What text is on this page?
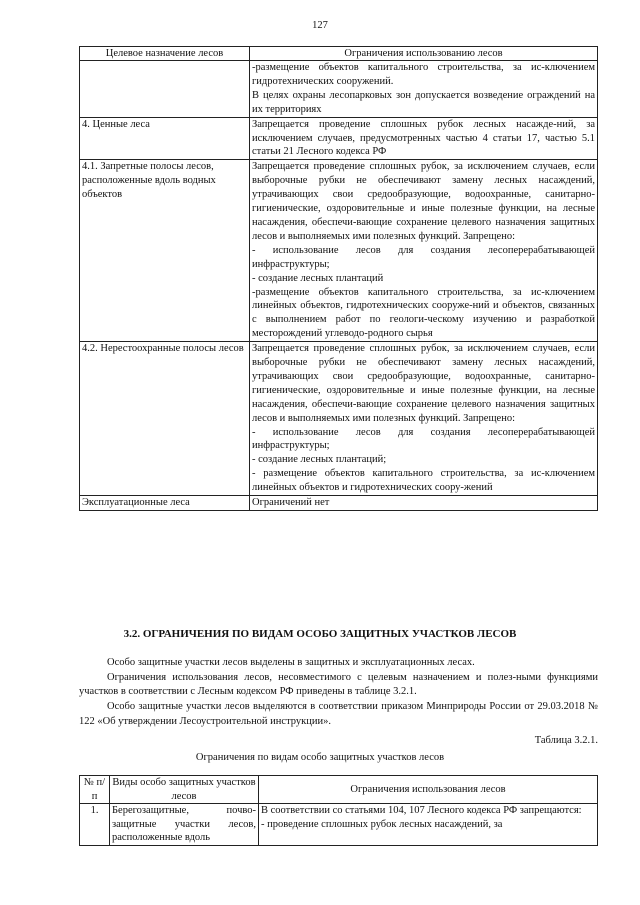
127
Целевое назначение лесов	Ограничения использованию лесов

	-размещение объектов капитального строительства, за ис-ключением гидротехнических сооружений.

В целях охраны лесопарковых зон допускается возведение ограждений на их территориях

4. Ценные леса	Запрещается проведение сплошных рубок лесных насажде-ний, за исключением случаев, предусмотренных частью 4 статьи 17, частью 5.1 статьи 21 Лесного кодекса РФ

4.1. Запретные полосы лесов, расположенные вдоль водных объектов	Запрещается проведение сплошных рубок, за исключением случаев, если выборочные рубки не обеспечивают замену лесных насаждений, утрачивающих свои средообразующие, водоохранные, санитарно-гигиенические, оздоровительные и иные полезные функции, на лесные насаждения, обеспечи-вающие сохранение целевого назначения защитных лесов и выполняемых ими полезных функций. Запрещено:

- использование лесов для создания лесоперерабатывающей инфраструктуры;

- создание лесных плантаций

-размещение объектов капитального строительства, за ис-ключением линейных объектов, гидротехнических сооруже-ний и объектов, связанных с выполнением работ по геологи-ческому изучению и разработкой месторождений углеводо-родного сырья

4.2. Нерестоохранные полосы лесов	Запрещается проведение сплошных рубок, за исключением случаев, если выборочные рубки не обеспечивают замену лесных насаждений, утрачивающих свои средообразующие, водоохранные, санитарно-гигиенические, оздоровительные и иные полезные функции, на лесные насаждения, обеспечи-вающие сохранение целевого назначения защитных лесов и выполняемых ими полезных функций. Запрещено:

- использование лесов для создания лесоперерабатывающей инфраструктуры;

- создание лесных плантаций;

- размещение объектов капитального строительства, за ис-ключением линейных объектов и гидротехнических соору-жений

Эксплуатационные леса	Ограничений нет

3.2. ОГРАНИЧЕНИЯ ПО ВИДАМ ОСОБО ЗАЩИТНЫХ УЧАСТКОВ ЛЕСОВ

Особо защитные участки лесов выделены в защитных и эксплуатационных лесах.

Ограничения использования лесов, несовместимого с целевым назначением и полез-ными функциями участков в соответствии с Лесным кодексом РФ приведены в таблице 3.2.1.

Особо защитные участки лесов выделяются в соответствии приказом Минприроды России от 29.03.2018 № 122 «Об утверждении Лесоустроительной инструкции».

Таблица 3.2.1.
Ограничения по видам особо защитных участков лесов
№ п/п	Виды особо защитных участков лесов	Ограничения использования лесов
1.	Берегозащитные, почво-защитные участки лесов, расположенные вдоль	В соответствии со статьями 104, 107 Лесного кодекса РФ запрещаются:
- проведение сплошных рубок лесных насаждений, за
